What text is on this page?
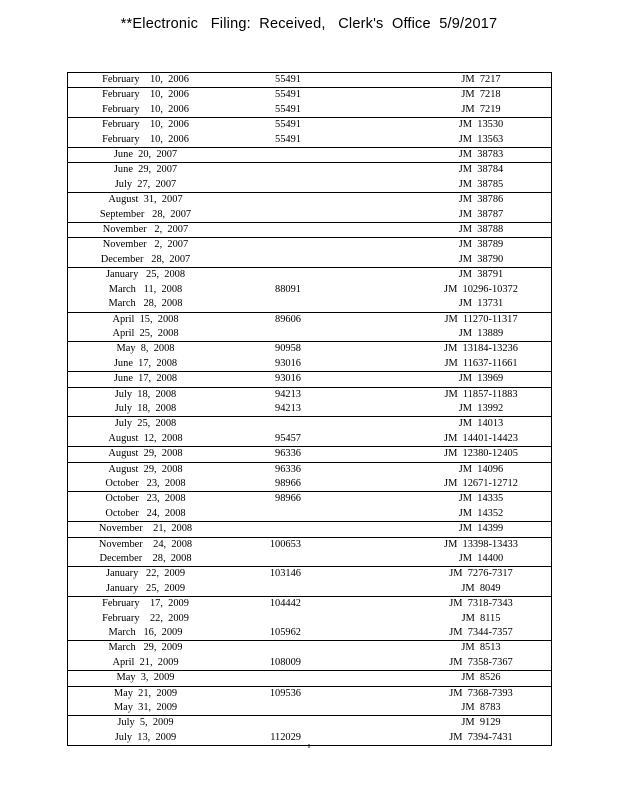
**Electronic   Filing:  Received,   Clerk's  Office  5/9/2017
February    10,  2006	55491		JM  7217
February    10,  2006	55491		JM  7218
February    10,  2006	55491		JM  7219
February    10,  2006	55491		JM  13530
February    10,  2006	55491		JM  13563
June  20,  2007			JM  38783
June  29,  2007			JM  38784
July  27,  2007			JM  38785
August  31,  2007			JM  38786
September   28,  2007			JM  38787
November   2,  2007			JM  38788
November   2,  2007			JM  38789
December   28,  2007			JM  38790
January   25,  2008			JM  38791
March   11,  2008	88091		JM  10296-10372
March   28,  2008			JM  13731
April  15,  2008	89606		JM  11270-11317
April  25,  2008			JM  13889
May  8,  2008	90958		JM  13184-13236
June  17,  2008	93016		JM  11637-11661
June  17,  2008	93016		JM  13969
July  18,  2008	94213		JM  11857-11883
July  18,  2008	94213		JM  13992
July  25,  2008			JM  14013
August  12,  2008	95457		JM  14401-14423
August  29,  2008	96336		JM  12380-12405
August  29,  2008	96336		JM  14096
October   23,  2008	98966		JM  12671-12712
October   23,  2008	98966		JM  14335
October   24,  2008			JM  14352
November    21,  2008			JM  14399
November    24,  2008	100653		JM  13398-13433
December    28,  2008			JM  14400
January   22,  2009	103146		JM  7276-7317
January   25,  2009			JM  8049
February    17,  2009	104442		JM  7318-7343
February    22,  2009			JM  8115
March   16,  2009	105962		JM  7344-7357
March   29,  2009			JM  8513
April  21,  2009	108009		JM  7358-7367
May  3,  2009			JM  8526
May  21,  2009	109536		JM  7368-7393
May  31,  2009			JM  8783
July  5,  2009			JM  9129
July  13,  2009	112029		JM  7394-7431
6
